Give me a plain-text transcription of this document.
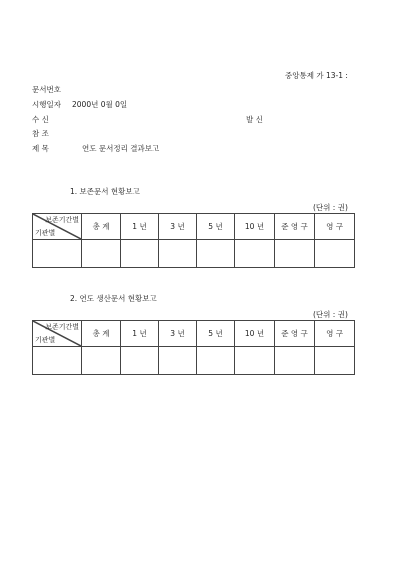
중앙통제 가 13-1 :
문서번호
시행일자 2000년 0월 0일
수 신	발 신
참 조
제 목	연도 문서정리 결과보고
1. 보존문서 현황보고
(단위 : 권)
보존기간별
기관별	총 계	1 년	3 년	5 년	10 년	준 영 구	영 구

2. 연도 생산문서 현황보고
(단위 : 권)
보존기간별
기관별	총 계	1 년	3 년	5 년	10 년	준 영 구	영 구
